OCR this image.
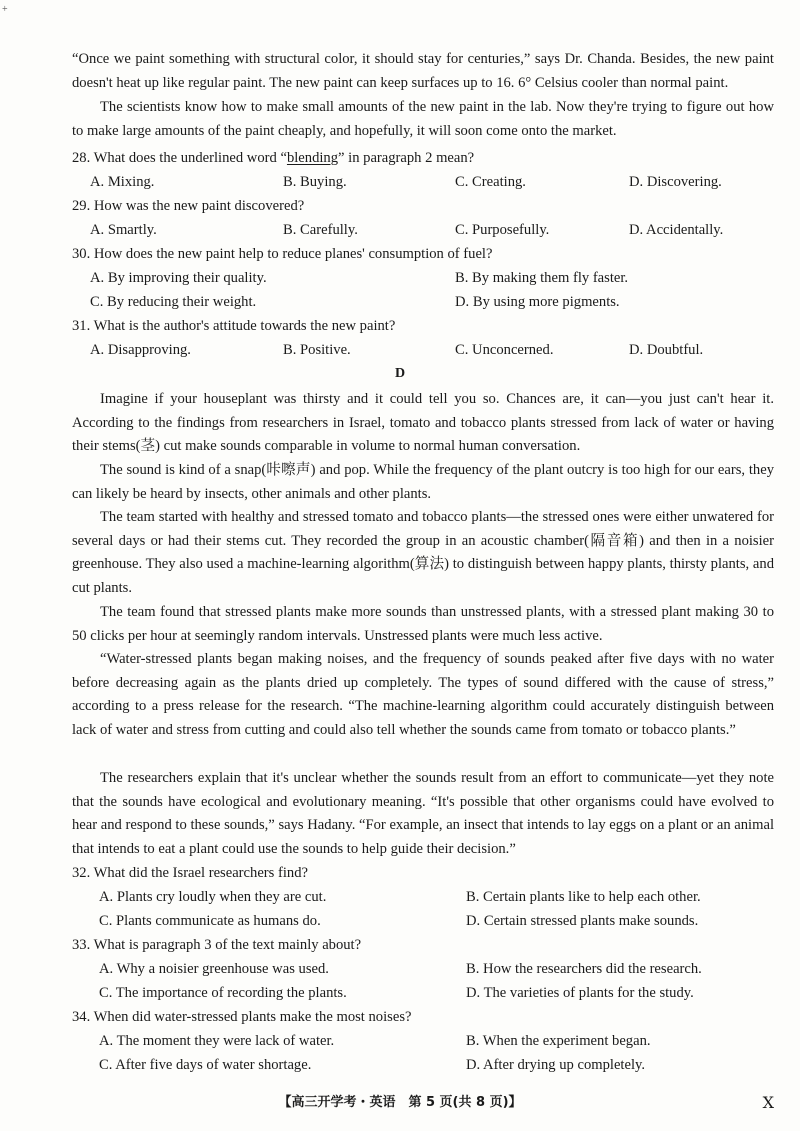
+
“Once we paint something with structural color, it should stay for centuries,” says Dr. Chanda. Besides, the new paint doesn't heat up like regular paint. The new paint can keep surfaces up to 16. 6° Celsius cooler than normal paint.
The scientists know how to make small amounts of the new paint in the lab. Now they're trying to figure out how to make large amounts of the paint cheaply, and hopefully, it will soon come onto the market.
28. What does the underlined word “blending” in paragraph 2 mean?
A. Mixing.	B. Buying.	C. Creating.	D. Discovering.
29. How was the new paint discovered?
A. Smartly.	B. Carefully.	C. Purposefully.	D. Accidentally.
30. How does the new paint help to reduce planes' consumption of fuel?
A. By improving their quality.	B. By making them fly faster.
C. By reducing their weight.	D. By using more pigments.
31. What is the author's attitude towards the new paint?
A. Disapproving.	B. Positive.	C. Unconcerned.	D. Doubtful.
D
Imagine if your houseplant was thirsty and it could tell you so. Chances are, it can—you just can't hear it. According to the findings from researchers in Israel, tomato and tobacco plants stressed from lack of water or having their stems(茎) cut make sounds comparable in volume to normal human conversation.
The sound is kind of a snap(咔嚓声) and pop. While the frequency of the plant outcry is too high for our ears, they can likely be heard by insects, other animals and other plants.
The team started with healthy and stressed tomato and tobacco plants—the stressed ones were either unwatered for several days or had their stems cut. They recorded the group in an acoustic chamber(隔音箱) and then in a noisier greenhouse. They also used a machine-learning algorithm(算法) to distinguish between happy plants, thirsty plants, and cut plants.
The team found that stressed plants make more sounds than unstressed plants, with a stressed plant making 30 to 50 clicks per hour at seemingly random intervals. Unstressed plants were much less active.
“Water-stressed plants began making noises, and the frequency of sounds peaked after five days with no water before decreasing again as the plants dried up completely. The types of sound differed with the cause of stress,” according to a press release for the research. “The machine-learning algorithm could accurately distinguish between lack of water and stress from cutting and could also tell whether the sounds came from tomato or tobacco plants.”
The researchers explain that it's unclear whether the sounds result from an effort to communicate—yet they note that the sounds have ecological and evolutionary meaning. “It's possible that other organisms could have evolved to hear and respond to these sounds,” says Hadany. “For example, an insect that intends to lay eggs on a plant or an animal that intends to eat a plant could use the sounds to help guide their decision.”
32. What did the Israel researchers find?
A. Plants cry loudly when they are cut.	B. Certain plants like to help each other.
C. Plants communicate as humans do.	D. Certain stressed plants make sounds.
33. What is paragraph 3 of the text mainly about?
A. Why a noisier greenhouse was used.	B. How the researchers did the research.
C. The importance of recording the plants.	D. The varieties of plants for the study.
34. When did water-stressed plants make the most noises?
A. The moment they were lack of water.	B. When the experiment began.
C. After five days of water shortage.	D. After drying up completely.
【高三开学考・英语　第 5 页(共 8 页)】	X
